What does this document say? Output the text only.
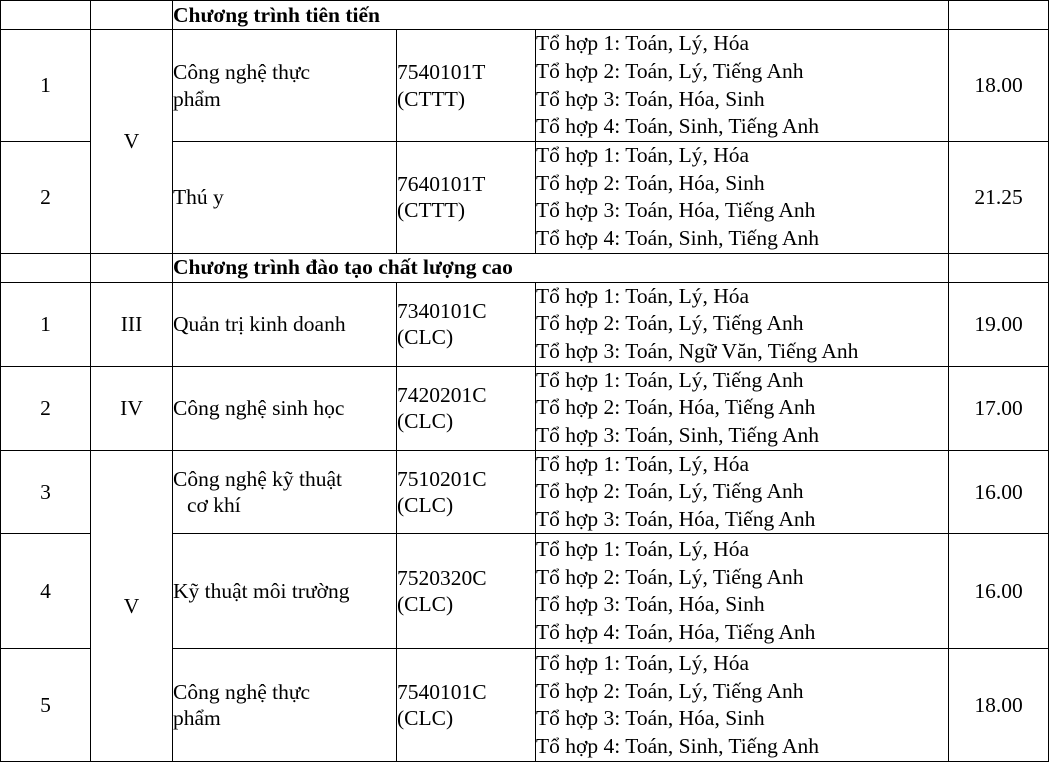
		Chương trình tiên tiến			
1	V	Công nghệ thực
phẩm	7540101T
(CTTT)	Tổ hợp 1: Toán, Lý, Hóa
Tổ hợp 2: Toán, Lý, Tiếng Anh
Tổ hợp 3: Toán, Hóa, Sinh
Tổ hợp 4: Toán, Sinh, Tiếng Anh	18.00
2		Thú y	7640101T
(CTTT)	Tổ hợp 1: Toán, Lý, Hóa
Tổ hợp 2: Toán, Hóa, Sinh
Tổ hợp 3: Toán, Hóa, Tiếng Anh
Tổ hợp 4: Toán, Sinh, Tiếng Anh	21.25
		Chương trình đào tạo chất lượng cao			
1	III	Quản trị kinh doanh	7340101C
(CLC)	Tổ hợp 1: Toán, Lý, Hóa
Tổ hợp 2: Toán, Lý, Tiếng Anh
Tổ hợp 3: Toán, Ngữ Văn, Tiếng Anh	19.00
2	IV	Công nghệ sinh học	7420201C
(CLC)	Tổ hợp 1: Toán, Lý, Tiếng Anh
Tổ hợp 2: Toán, Hóa, Tiếng Anh
Tổ hợp 3: Toán, Sinh, Tiếng Anh	17.00
3	V	Công nghệ kỹ thuật
cơ khí	7510201C
(CLC)	Tổ hợp 1: Toán, Lý, Hóa
Tổ hợp 2: Toán, Lý, Tiếng Anh
Tổ hợp 3: Toán, Hóa, Tiếng Anh	16.00
4		Kỹ thuật môi trường	7520320C
(CLC)	Tổ hợp 1: Toán, Lý, Hóa
Tổ hợp 2: Toán, Lý, Tiếng Anh
Tổ hợp 3: Toán, Hóa, Sinh
Tổ hợp 4: Toán, Hóa, Tiếng Anh	16.00
5		Công nghệ thực
phẩm	7540101C
(CLC)	Tổ hợp 1: Toán, Lý, Hóa
Tổ hợp 2: Toán, Lý, Tiếng Anh
Tổ hợp 3: Toán, Hóa, Sinh
Tổ hợp 4: Toán, Sinh, Tiếng Anh	18.00
